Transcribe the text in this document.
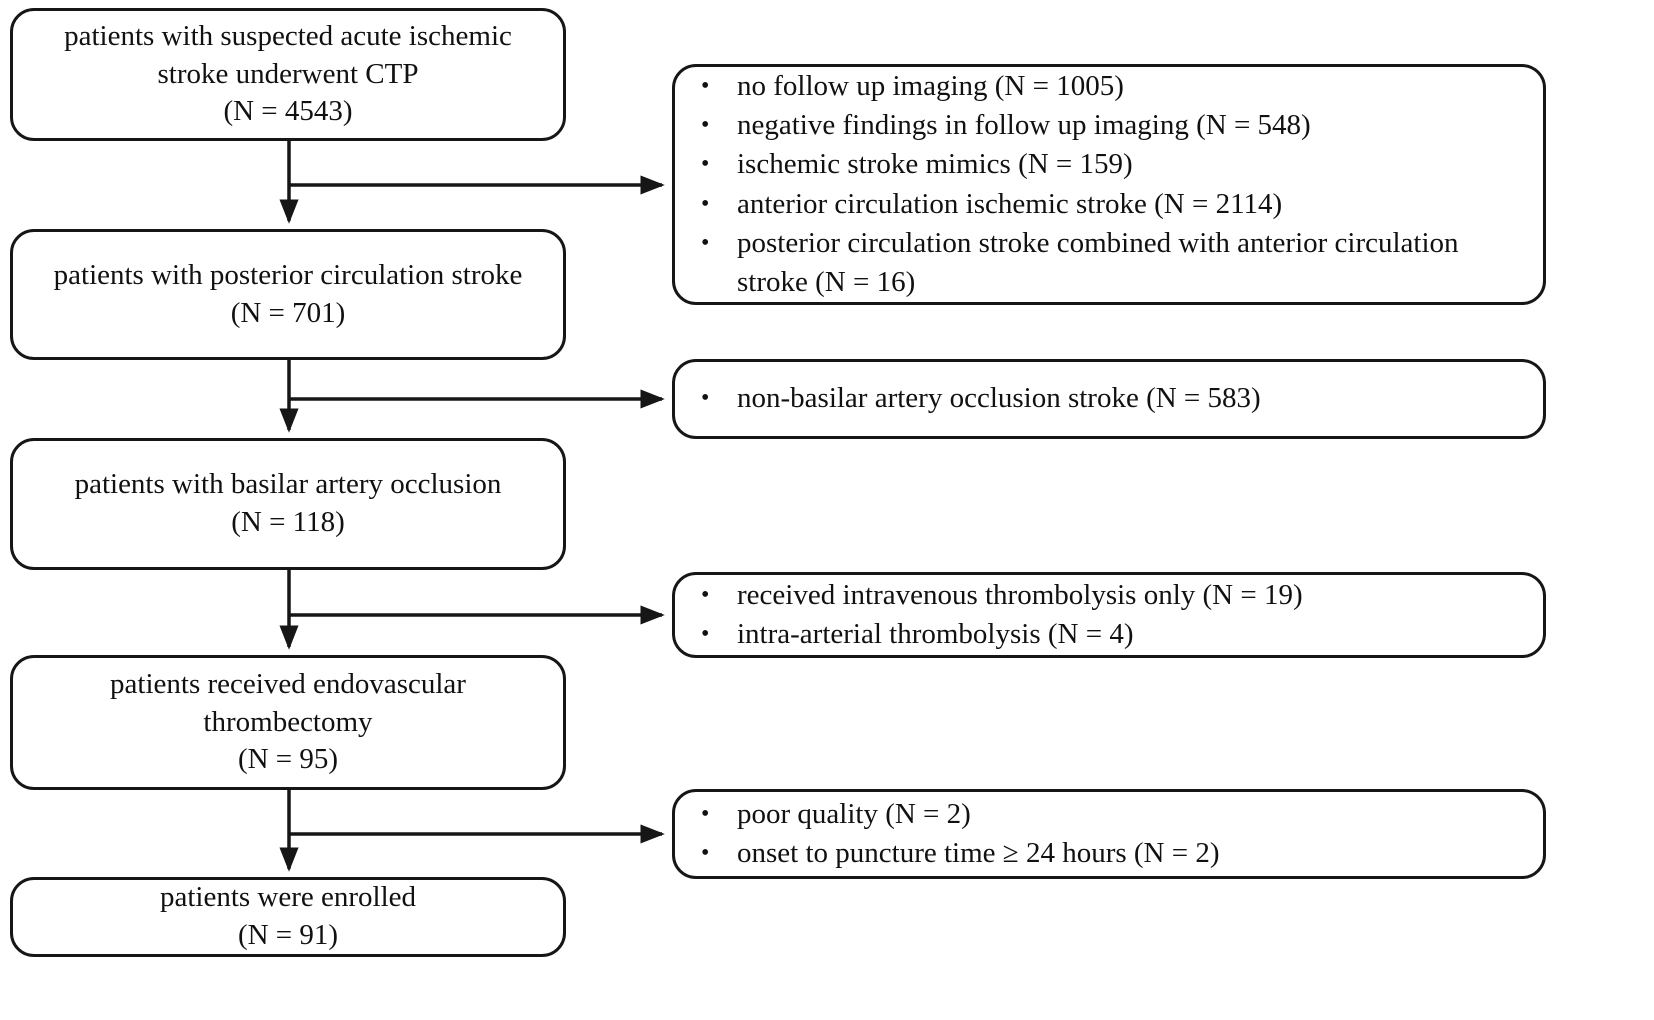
patients with suspected acute ischemic stroke underwent CTP
(N = 4543)
patients with posterior circulation stroke
(N = 701)
patients with basilar artery occlusion
(N = 118)
patients received endovascular thrombectomy
(N = 95)
patients were enrolled
(N = 91)
• no follow up imaging (N = 1005)
• negative findings in follow up imaging (N = 548)
• ischemic stroke mimics (N = 159)
• anterior circulation ischemic stroke (N = 2114)
• posterior circulation stroke combined with anterior circulation stroke (N = 16)
• non-basilar artery occlusion stroke (N = 583)
• received intravenous thrombolysis only (N = 19)
• intra-arterial thrombolysis (N = 4)
• poor quality (N = 2)
• onset to puncture time ≥ 24 hours (N = 2)
